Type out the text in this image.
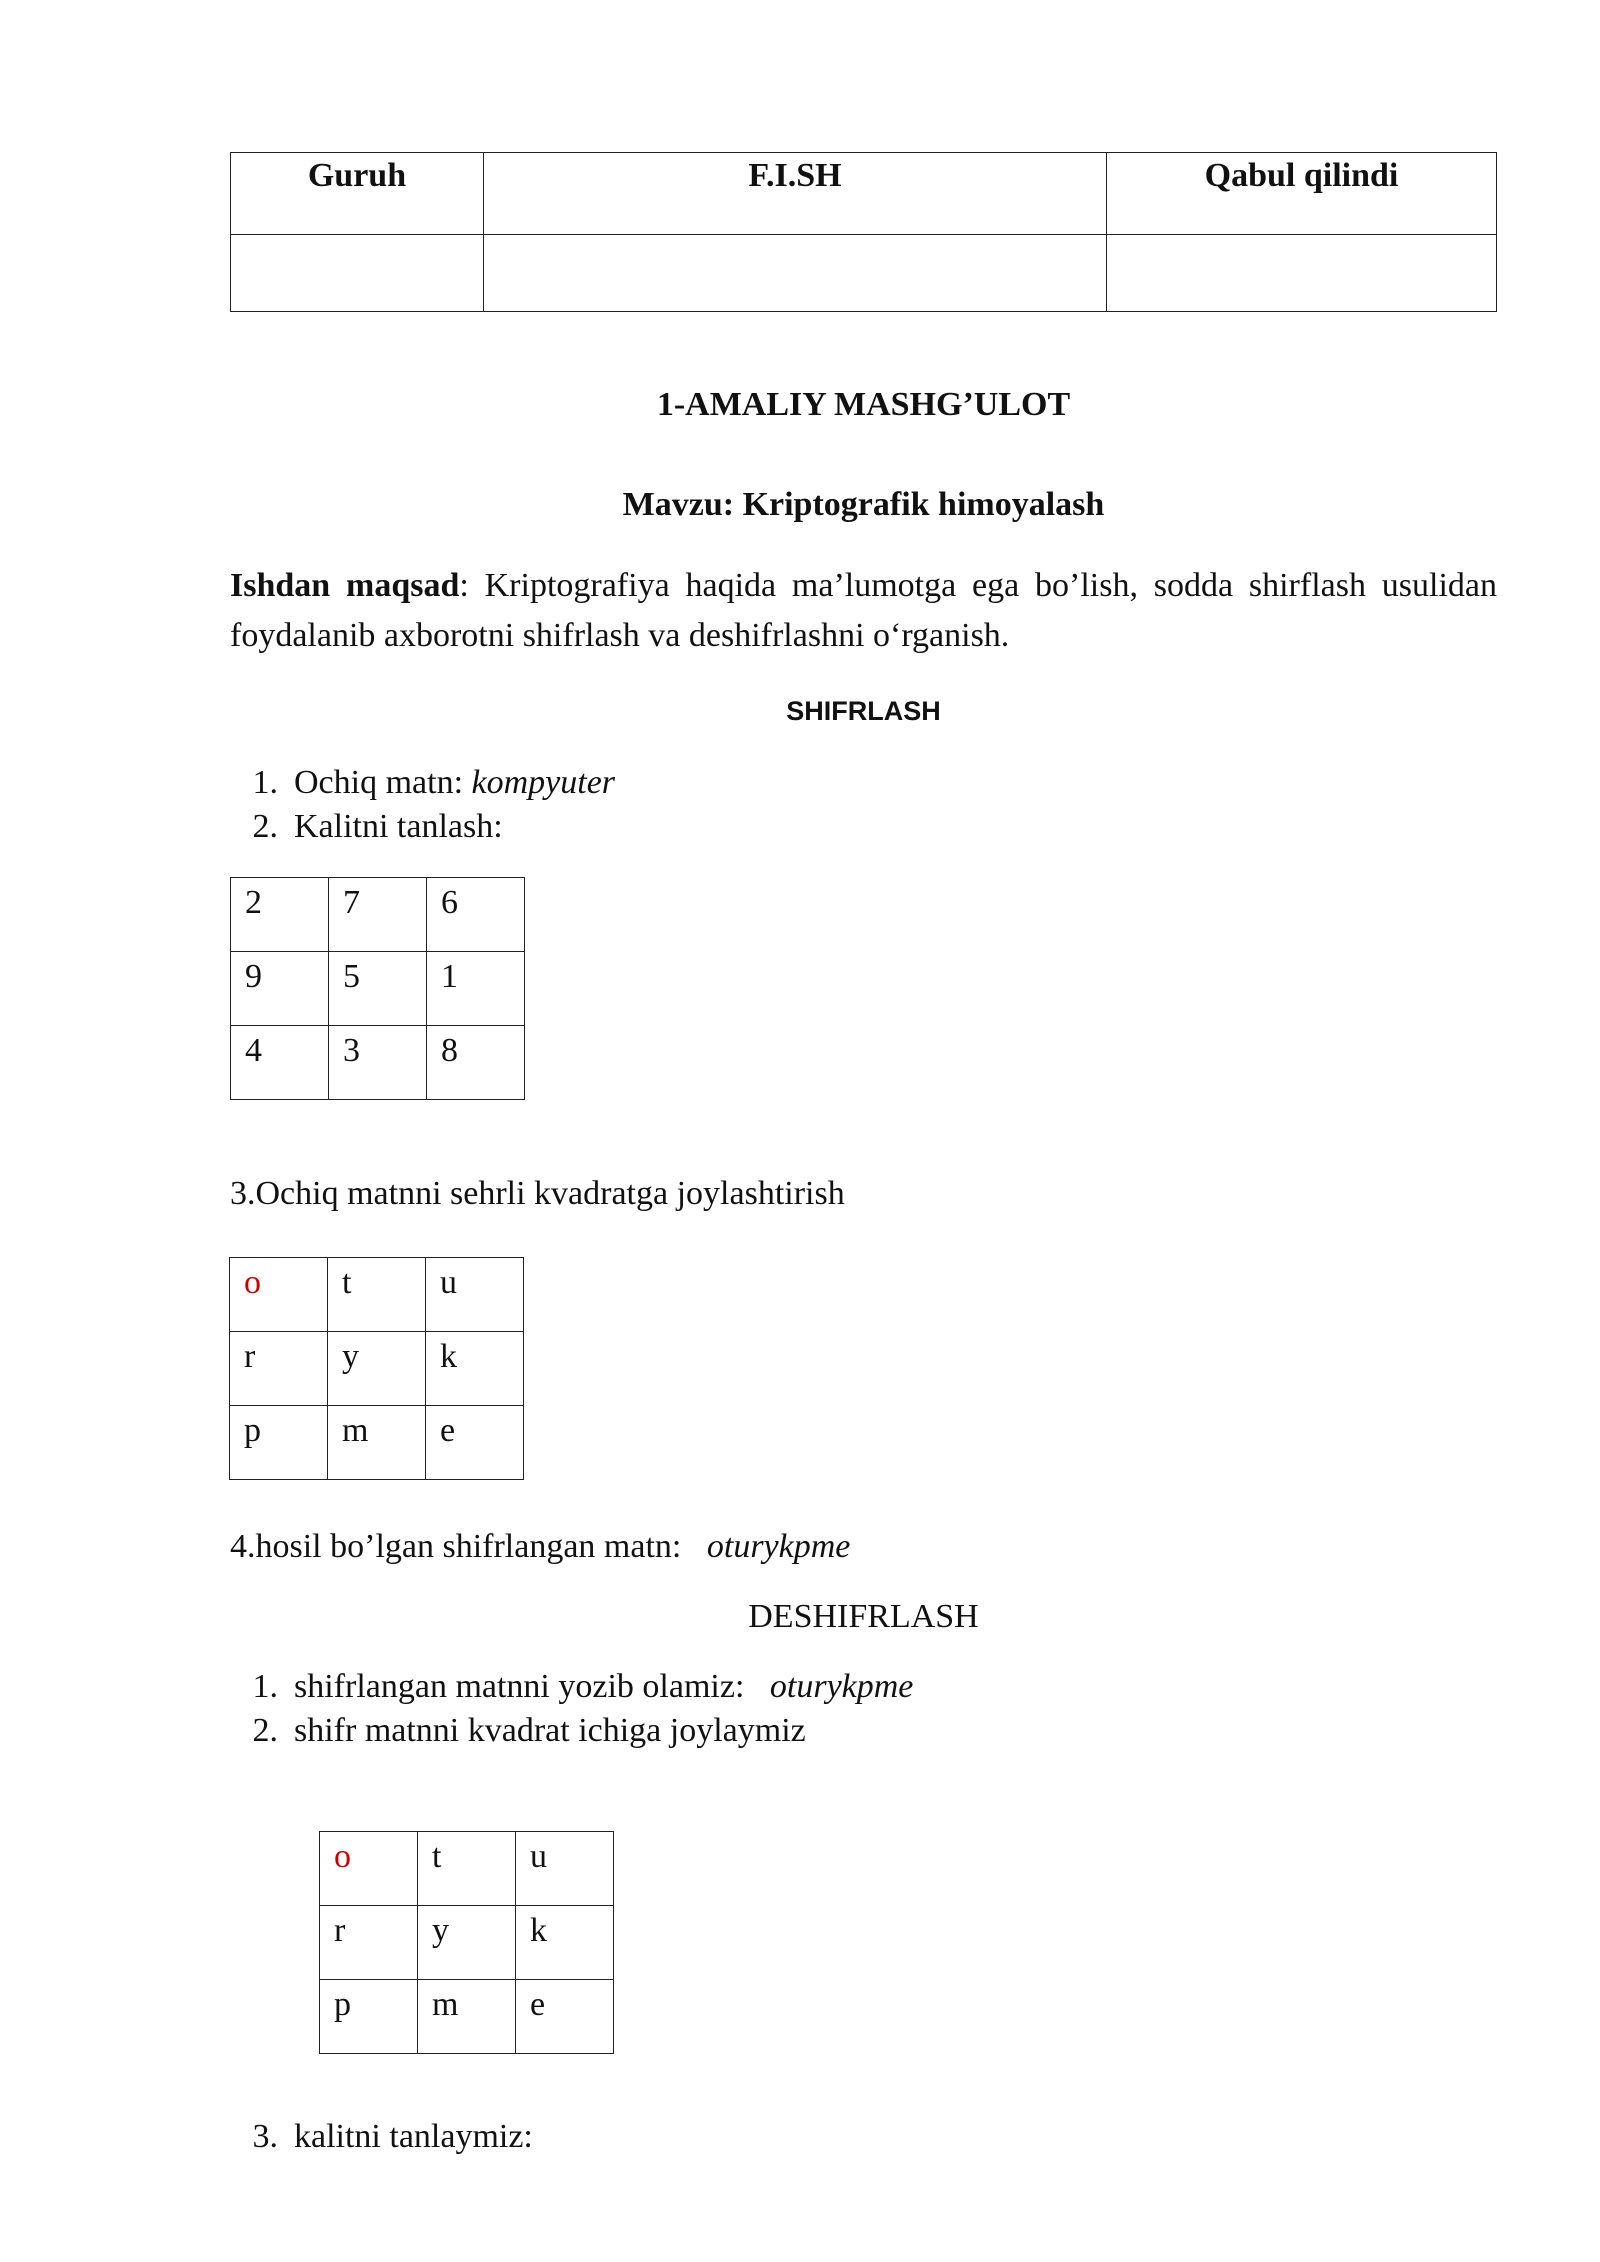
Guruh	F.I.SH	Qabul qilindi

1-AMALIY MASHG’ULOT
Mavzu: Kriptografik himoyalash
Ishdan maqsad: Kriptografiya haqida ma’lumotga ega bo’lish, sodda shirflash usulidan foydalanib axborotni shifrlash va deshifrlashni o‘rganish.
SHIFRLASH
1. Ochiq matn: kompyuter
2. Kalitni tanlash:
2	7	6
9	5	1
4	3	8
3.Ochiq matnni sehrli kvadratga joylashtirish
o	t	u
r	y	k
p	m	e
4.hosil bo’lgan shifrlangan matn: oturykpme
DESHIFRLASH
1. shifrlangan matnni yozib olamiz: oturykpme
2. shifr matnni kvadrat ichiga joylaymiz
o	t	u
r	y	k
p	m	e
3. kalitni tanlaymiz:
